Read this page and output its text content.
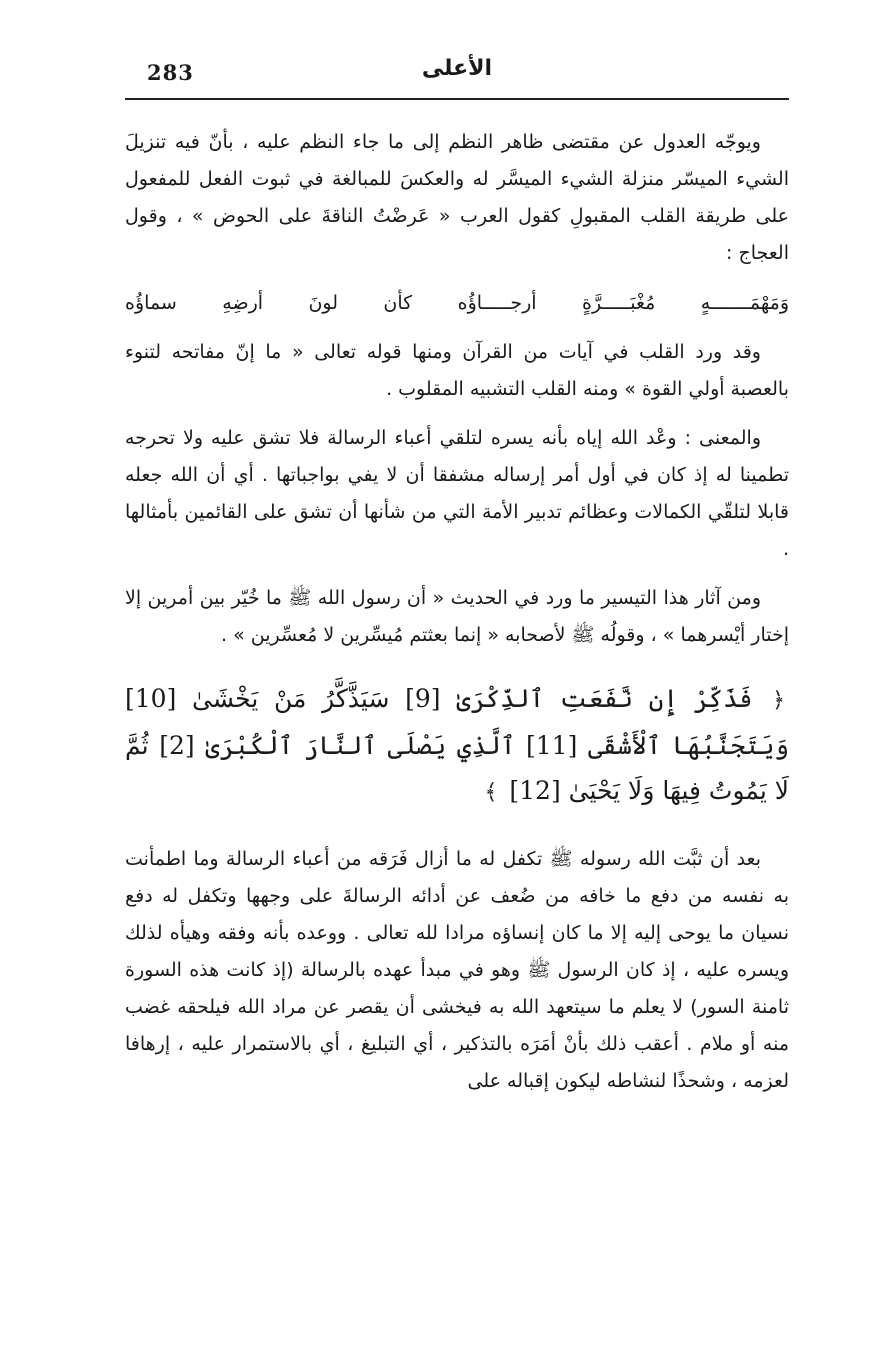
283	الأعلى

ويوجّه العدول عن مقتضى ظاهر النظم إلى ما جاء النظم عليه ، بأنّ فيه تنزيلَ الشيء الميسّر منزلة الشيء الميسَّر له والعكسَ للمبالغة في ثبوت الفعل للمفعول على طريقة القلب المقبولِ كقول العرب « عَرضْتُ الناقةَ على الحوض » ، وقول العجاج :

وَمَهْمَـــــــهٍ
مُغْبَـــــرَّةٍ
أرجـــــاؤُه
كأن
لونَ
أرضِهِ
سماؤُه

وقد ورد القلب في آيات من القرآن ومنها قوله تعالى « ما إنّ مفاتحه لتنوء بالعصبة أولي القوة » ومنه القلب التشبيه المقلوب .

والمعنى : وعْد الله إياه بأنه يسره لتلقي أعباء الرسالة فلا تشق عليه ولا تحرجه تطمينا له إذ كان في أول أمر إرساله مشفقا أن لا يفي بواجباتها . أي أن الله جعله قابلا لتلقّي الكمالات وعظائم تدبير الأمة التي من شأنها أن تشق على القائمين بأمثالها .

ومن آثار هذا التيسير ما ورد في الحديث « أن رسول الله ﷺ ما خُيّر بين أمرين إلا إختار أيْسرهما » ، وقولُه ﷺ لأصحابه « إنما بعثتم مُيسِّرين لا مُعسِّرين » .

﴿ فَذَكِّرْ إِن نَّفَعَتِ ٱلذِّكْرَىٰ [9] سَيَذَّكَّرُ مَنْ يَخْشَىٰ [10] وَيَتَجَنَّبُهَا ٱلْأَشْقَى [11] ٱلَّذِي يَصْلَى ٱلنَّارَ ٱلْكُبْرَىٰ [2] ثُمَّ لَا يَمُوتُ فِيهَا وَلَا يَحْيَىٰ [12] ﴾

بعد أن ثبَّت الله رسوله ﷺ تكفل له ما أزال فَرَقه من أعباء الرسالة وما اطمأنت به نفسه من دفع ما خافه من ضُعف عن أدائه الرسالةَ على وجهها وتكفل له دفع نسيان ما يوحى إليه إلا ما كان إنساؤه مرادا لله تعالى . ووعده بأنه وفقه وهيأه لذلك ويسره عليه ، إذ كان الرسول ﷺ وهو في مبدأ عهده بالرسالة (إذ كانت هذه السورة ثامنة السور) لا يعلم ما سيتعهد الله به فيخشى أن يقصر عن مراد الله فيلحقه غضب منه أو ملام . أعقب ذلك بأنْ أمَرَه بالتذكير ، أي التبليغ ، أي بالاستمرار عليه ، إرهافا لعزمه ، وشحذًا لنشاطه ليكون إقباله على
